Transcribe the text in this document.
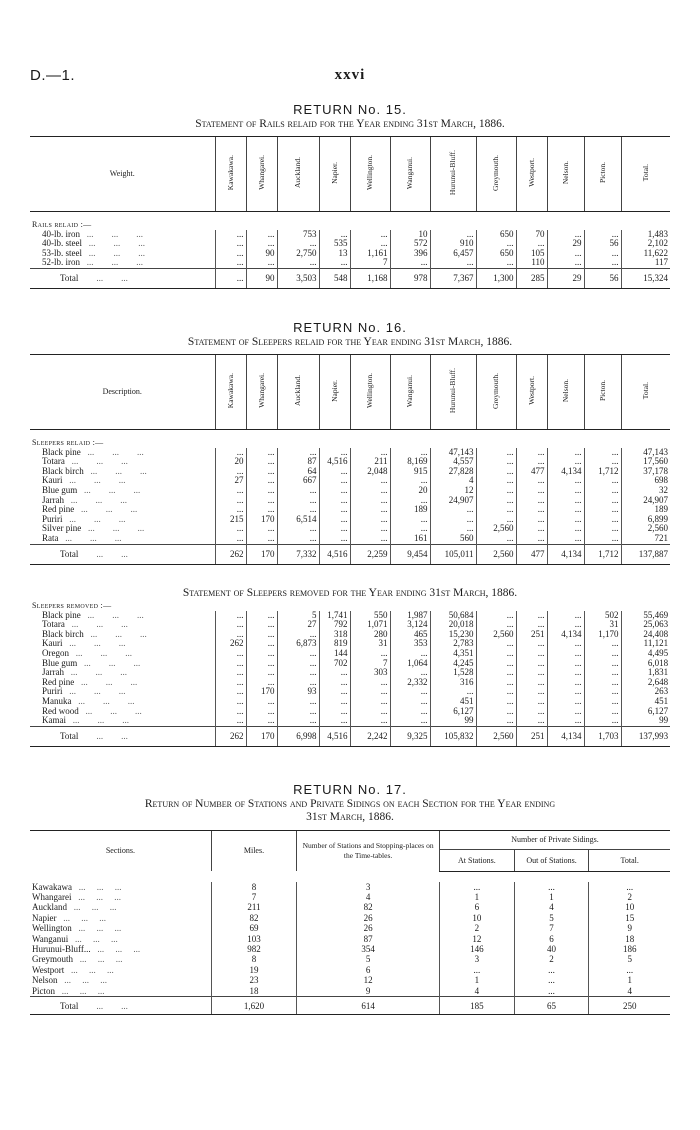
D.—1.	xxvi
RETURN No. 15.
Statement of Rails relaid for the Year ending 31st March, 1886.
Weight.	Kawakawa.	Whangarei.	Auckland.	Napier.	Wellington.	Wanganui.	Hurunui-Bluff.	Greymouth.	Westport.	Nelson.	Picton.	Total.

Rails relaid :—												
40-lb. iron   ...        ...        ...	...	...	753	...	...	10	...	650	70	...	...	1,483
40-lb. steel   ...        ...        ...	...	...	...	535	...	572	910	...	...	29	56	2,102
53-lb. steel   ...        ...        ...	...	90	2,750	13	1,161	396	6,457	650	105	...	...	11,622
52-lb. iron   ...        ...        ...	...	...	...	...	7	...	...	...	110	...	...	117
Total        ...        ...	...	90	3,503	548	1,168	978	7,367	1,300	285	29	56	15,324
RETURN No. 16.
Statement of Sleepers relaid for the Year ending 31st March, 1886.
Description.	Kawakawa.	Whangarei.	Auckland.	Napier.	Wellington.	Wanganui.	Hurunui-Bluff.	Greymouth.	Westport.	Nelson.	Picton.	Total.

Sleepers relaid :—												
Black pine   ...        ...        ...	...	...	...	...	...	...	47,143	...	...	...	...	47,143
Totara   ...        ...        ...	20	...	87	4,516	211	8,169	4,557	...	...	...	...	17,560
Black birch   ...        ...        ...	...	...	64	...	2,048	915	27,828	...	477	4,134	1,712	37,178
Kauri   ...        ...        ...	27	...	667	...	...	...	4	...	...	...	...	698
Blue gum   ...        ...        ...	...	...	...	...	...	20	12	...	...	...	...	32
Jarrah   ...        ...        ...	...	...	...	...	...	...	24,907	...	...	...	...	24,907
Red pine   ...        ...        ...	...	...	...	...	...	189	...	...	...	...	...	189
Puriri   ...        ...        ...	215	170	6,514	...	...	...	...	...	...	...	...	6,899
Silver pine   ...        ...        ...	...	...	...	...	...	...	...	2,560	...	...	...	2,560
Rata   ...        ...        ...	...	...	...	...	...	161	560	...	...	...	...	721
Total        ...        ...	262	170	7,332	4,516	2,259	9,454	105,011	2,560	477	4,134	1,712	137,887
Statement of Sleepers removed for the Year ending 31st March, 1886.
Sleepers removed :—												
Black pine   ...        ...        ...	...	...	5	1,741	550	1,987	50,684	...	...	...	502	55,469
Totara   ...        ...        ...	...	...	27	792	1,071	3,124	20,018	...	...	...	31	25,063
Black birch   ...        ...        ...	...	...	...	318	280	465	15,230	2,560	251	4,134	1,170	24,408
Kauri   ...        ...        ...	262	...	6,873	819	31	353	2,783	...	...	...	...	11,121
Oregon   ...        ...        ...	...	...	...	144	...	...	4,351	...	...	...	...	4,495
Blue gum   ...        ...        ...	...	...	...	702	7	1,064	4,245	...	...	...	...	6,018
Jarrah   ...        ...        ...	...	...	...	...	303	...	1,528	...	...	...	...	1,831
Red pine   ...        ...        ...	...	...	...	...	...	2,332	316	...	...	...	...	2,648
Puriri   ...        ...        ...	...	170	93	...	...	...	...	...	...	...	...	263
Manuka   ...        ...        ...	...	...	...	...	...	...	451	...	...	...	...	451
Red wood   ...        ...        ...	...	...	...	...	...	...	6,127	...	...	...	...	6,127
Kamai   ...        ...        ...	...	...	...	...	...	...	99	...	...	...	...	99
Total        ...        ...	262	170	6,998	4,516	2,242	9,325	105,832	2,560	251	4,134	1,703	137,993
RETURN No. 17.
Return of Number of Stations and Private Sidings on each Section for the Year ending
31st March, 1886.
Sections.	Miles.	Number of Stations and Stopping-places on the Time-tables.	Number of Private Sidings.		
			At Stations.	Out of Stations.	Total.

Kawakawa   ...     ...     ...	8	3	...	...	...
Whangarei   ...     ...     ...	7	4	1	1	2
Auckland   ...     ...     ...	211	82	6	4	10
Napier   ...     ...     ...	82	26	10	5	15
Wellington   ...     ...     ...	69	26	2	7	9
Wanganui   ...     ...     ...	103	87	12	6	18
Hurunui-Bluff...   ...     ...     ...	982	354	146	40	186
Greymouth   ...     ...     ...	8	5	3	2	5
Westport   ...     ...     ...	19	6	...	...	...
Nelson   ...     ...     ...	23	12	1	...	1
Picton   ...     ...     ...	18	9	4	...	4
Total        ...        ...	1,620	614	185	65	250
